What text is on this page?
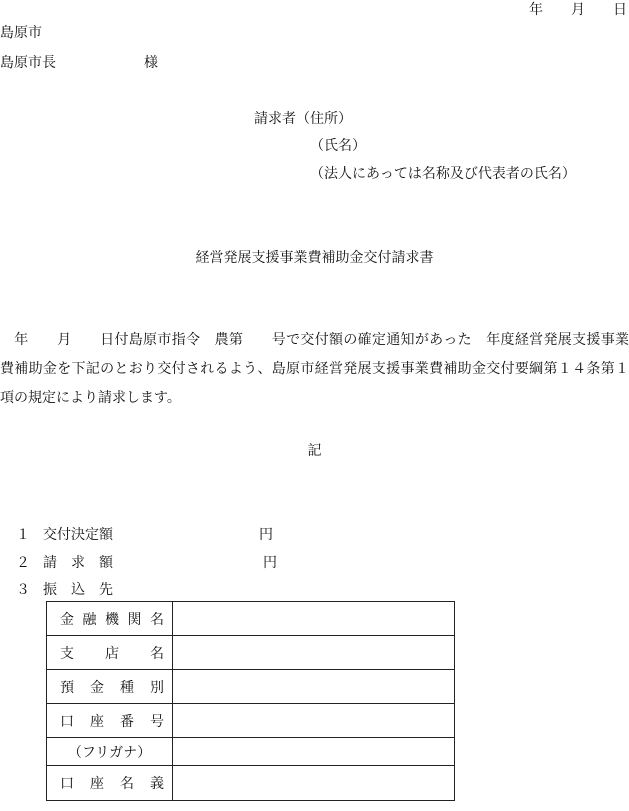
年 月 日
島原市
島原市長	様
請求者（住所）
（氏名）
（法人にあっては名称及び代表者の氏名）
経営発展支援事業費補助金交付請求書
　年　　月　　日付島原市指令　農第　　号で交付額の確定通知があった　年度経営発展支援事業費補助金を下記のとおり交付されるよう、島原市経営発展支援事業費補助金交付要綱第１４条第１項の規定により請求します。
記
１ 交付決定額	円
２ 請　求　額	円
３ 振　込　先
金融機関名	
支店名	
預金種別	
口座番号	
（フリガナ）	
口座名義	
